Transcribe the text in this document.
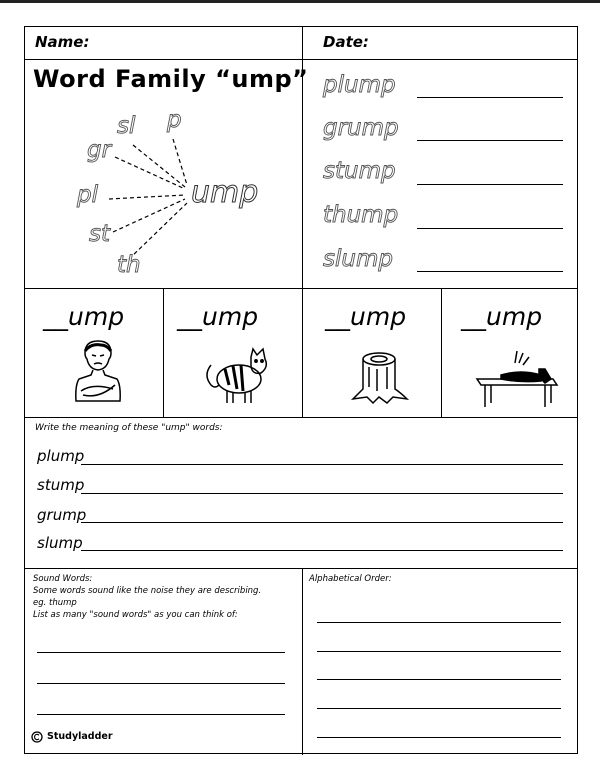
Name:	Date:
Word Family “ump”
sl p
gr
pl
st
th
ump
plump
grump
stump
thump
slump
__ump __ump	__ump __ump
Write the meaning of these "ump" words:
plump
stump
grump
slump
Sound Words:
Some words sound like the noise they are describing.
eg. thump
List as many "sound words" as you can think of:
Alphabetical Order:
Studyladder
